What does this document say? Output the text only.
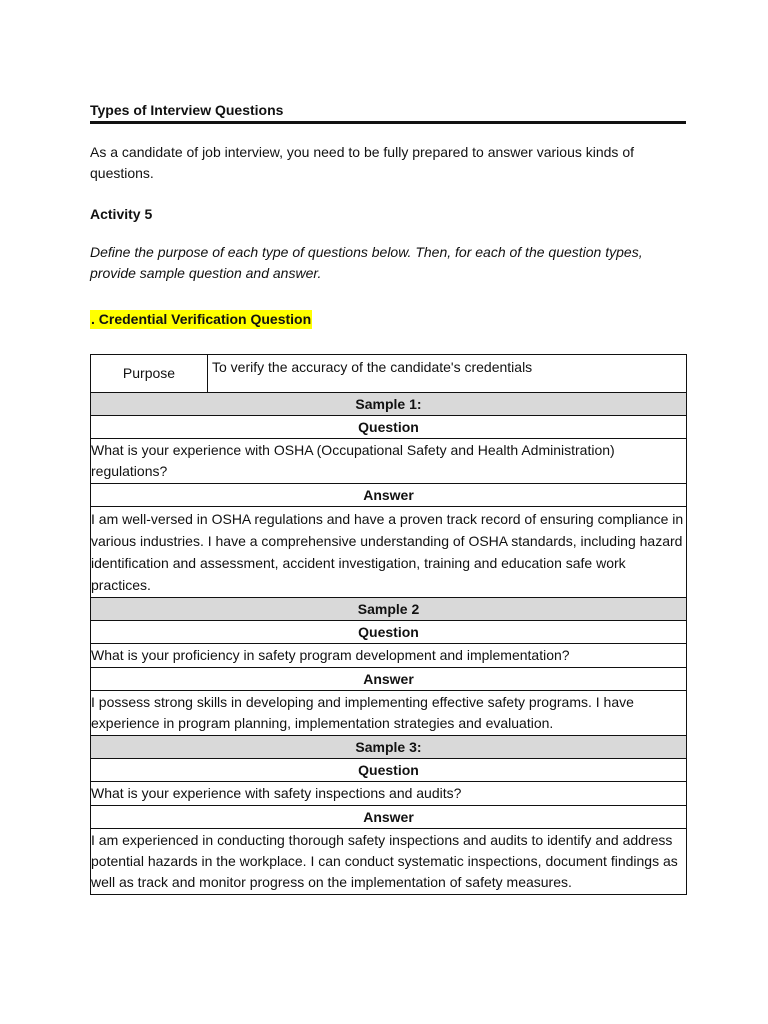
Types of Interview Questions
As a candidate of job interview, you need to be fully prepared to answer various kinds of questions.
Activity 5
Define the purpose of each type of questions below. Then, for each of the question types, provide sample question and answer.
. Credential Verification Question
Purpose	To verify the accuracy of the candidate's credentials
Sample 1:
Question
What is your experience with OSHA (Occupational Safety and Health Administration) regulations?
Answer
I am well-versed in OSHA regulations and have a proven track record of ensuring compliance in various industries. I have a comprehensive understanding of OSHA standards, including hazard identification and assessment, accident investigation, training and education safe work practices.
Sample 2
Question
What is your proficiency in safety program development and implementation?
Answer
I possess strong skills in developing and implementing effective safety programs. I have experience in program planning, implementation strategies and evaluation.
Sample 3:
Question
What is your experience with safety inspections and audits?
Answer
I am experienced in conducting thorough safety inspections and audits to identify and address potential hazards in the workplace. I can conduct systematic inspections, document findings as well as track and monitor progress on the implementation of safety measures.
